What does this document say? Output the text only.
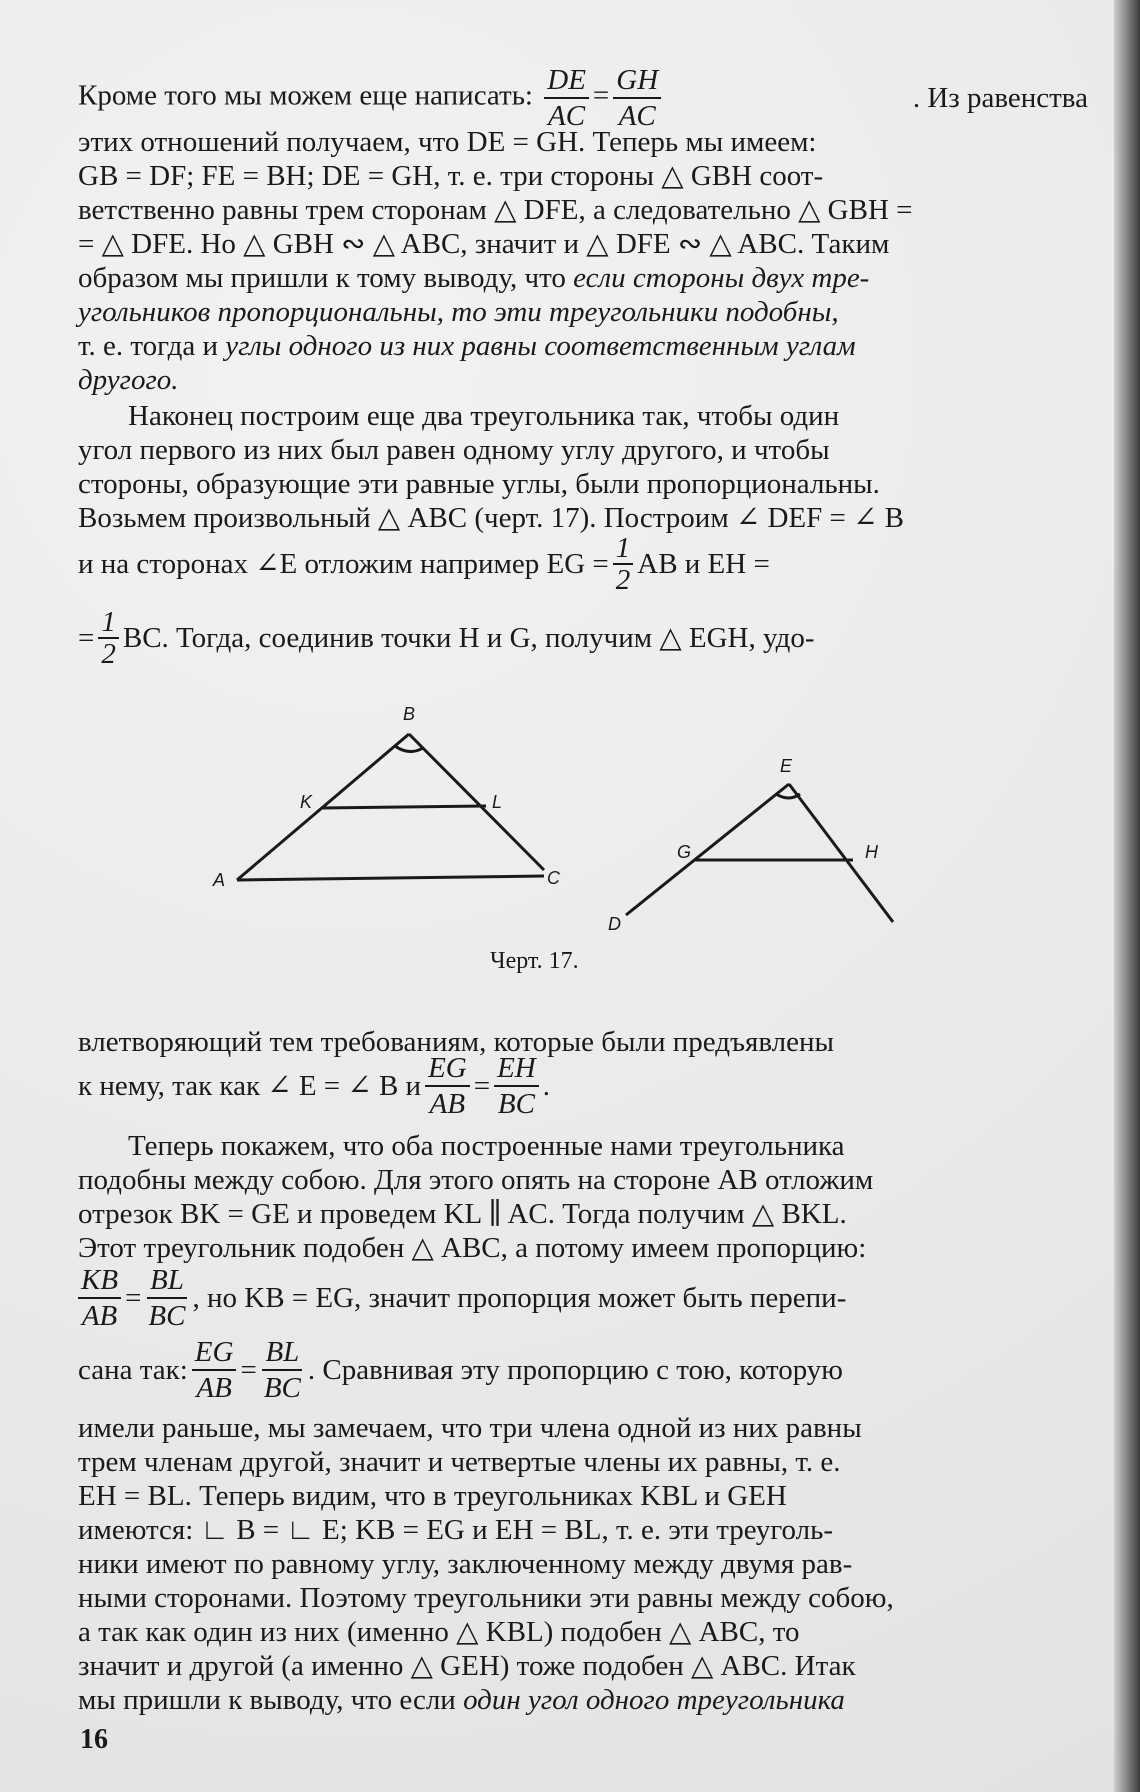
Кроме того мы можем еще написать: $\frac{DE}{AC} = \frac{GH}{AC}$	. Из равенства
этих отношений получаем, что DE = GH. Теперь мы имеем:
GB = DF; FE = BH; DE = GH, т. е. три стороны △ GBH соот-
ветственно равны трем сторонам △ DFE, а следовательно △ GBH =
= △ DFE. Но △ GBH ∾ △ ABC, значит и △ DFE ∾ △ ABC. Таким
образом мы пришли к тому выводу, что если стороны двух тре-
угольников пропорциональны, то эти треугольники подобны,
т. е. тогда и углы одного из них равны соответственным углам
другого.
Наконец построим еще два треугольника так, чтобы один
угол первого из них был равен одному углу другого, и чтобы
стороны, образующие эти равные углы, были пропорциональны.
Возьмем произвольный △ ABC (черт. 17). Построим ∠ DEF = ∠ B
и на сторонах ∠E отложим например EG = $\frac{1}{2}$ AB и EH =
= $\frac{1}{2}$ BC. Тогда, соединив точки H и G, получим △ EGH, удо-
B
K	L
A	C
E
G	H
D
Черт. 17.
влетворяющий тем требованиям, которые были предъявлены
к нему, так как ∠ E = ∠ B и $\frac{EG}{AB} = \frac{EH}{BC}$ .
Теперь покажем, что оба построенные нами треугольника
подобны между собою. Для этого опять на стороне AB отложим
отрезок BK = GE и проведем KL ∥ AC. Тогда получим △ BKL.
Этот треугольник подобен △ ABC, а потому имеем пропорцию:
$\frac{KB}{AB} = \frac{BL}{BC}$ , но KB = EG, значит пропорция может быть перепи-
сана так: $\frac{EG}{AB} = \frac{BL}{BC}$ . Сравнивая эту пропорцию с тою, которую
имели раньше, мы замечаем, что три члена одной из них равны
трем членам другой, значит и четвертые члены их равны, т. е.
EH = BL. Теперь видим, что в треугольниках KBL и GEH
имеются: ∟ B = ∟ E; KB = EG и EH = BL, т. е. эти треуголь-
ники имеют по равному углу, заключенному между двумя рав-
ными сторонами. Поэтому треугольники эти равны между собою,
а так как один из них (именно △ KBL) подобен △ ABC, то
значит и другой (а именно △ GEH) тоже подобен △ ABC. Итак
мы пришли к выводу, что если один угол одного треугольника
16
